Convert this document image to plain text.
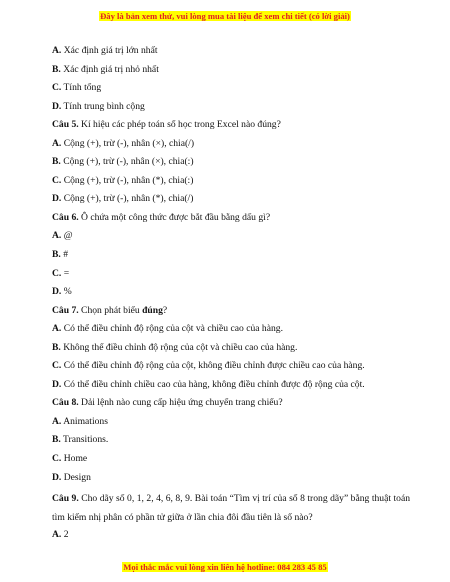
Đây là bản xem thử, vui lòng mua tài liệu để xem chi tiết (có lời giải)
A. Xác định giá trị lớn nhất
B. Xác định giá trị nhỏ nhất
C. Tính tổng
D. Tính trung bình cộng
Câu 5. Kí hiệu các phép toán số học trong Excel nào đúng?
A. Cộng (+), trừ (-), nhân (×), chia(/)
B. Cộng (+), trừ (-), nhân (×), chia(:)
C. Cộng (+), trừ (-), nhân (*), chia(:)
D. Cộng (+), trừ (-), nhân (*), chia(/)
Câu 6. Ô chứa một công thức được bắt đầu bằng dấu gì?
A. @
B. #
C. =
D. %
Câu 7. Chọn phát biểu đúng?
A. Có thể điều chỉnh độ rộng của cột và chiều cao của hàng.
B. Không thể điều chỉnh độ rộng của cột và chiều cao của hàng.
C. Có thể điều chỉnh độ rộng của cột, không điều chỉnh được chiều cao của hàng.
D. Có thể điều chỉnh chiều cao của hàng, không điều chỉnh được độ rộng của cột.
Câu 8. Dải lệnh nào cung cấp hiệu ứng chuyển trang chiếu?
A. Animations
B. Transitions.
C. Home
D. Design
Câu 9. Cho dãy số 0, 1, 2, 4, 6, 8, 9. Bài toán “Tìm vị trí của số 8 trong dãy” bằng thuật toán tìm kiếm nhị phân có phần tử giữa ở lần chia đôi đầu tiên là số nào?
A. 2
Mọi thắc mắc vui lòng xin liên hệ hotline: 084 283 45 85
